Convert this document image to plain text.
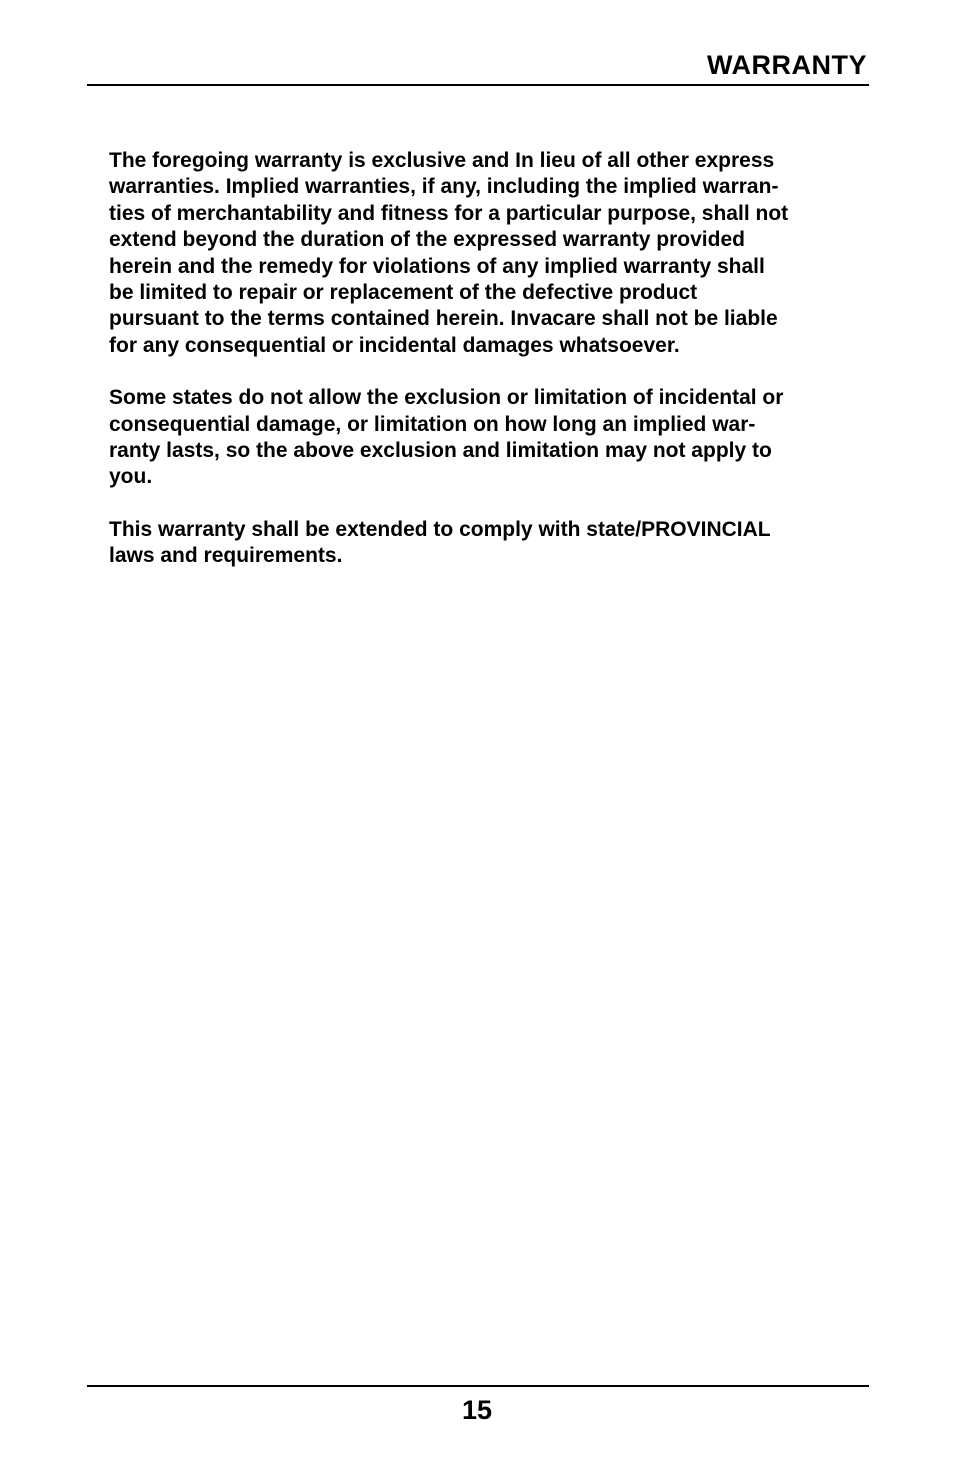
WARRANTY

The foregoing warranty is exclusive and In lieu of all other express
warranties. Implied warranties, if any, including the implied warran-
ties of merchantability and fitness for a particular purpose, shall not
extend beyond the duration of the expressed warranty provided
herein and the remedy for violations of any implied warranty shall
be limited to repair or replacement of the defective product
pursuant to the terms contained herein. Invacare shall not be liable
for any consequential or incidental damages whatsoever.

Some states do not allow the exclusion or limitation of incidental or
consequential damage, or limitation on how long an implied war-
ranty lasts, so the above exclusion and limitation may not apply to
you.

This warranty shall be extended to comply with state/PROVINCIAL
laws and requirements.

15
